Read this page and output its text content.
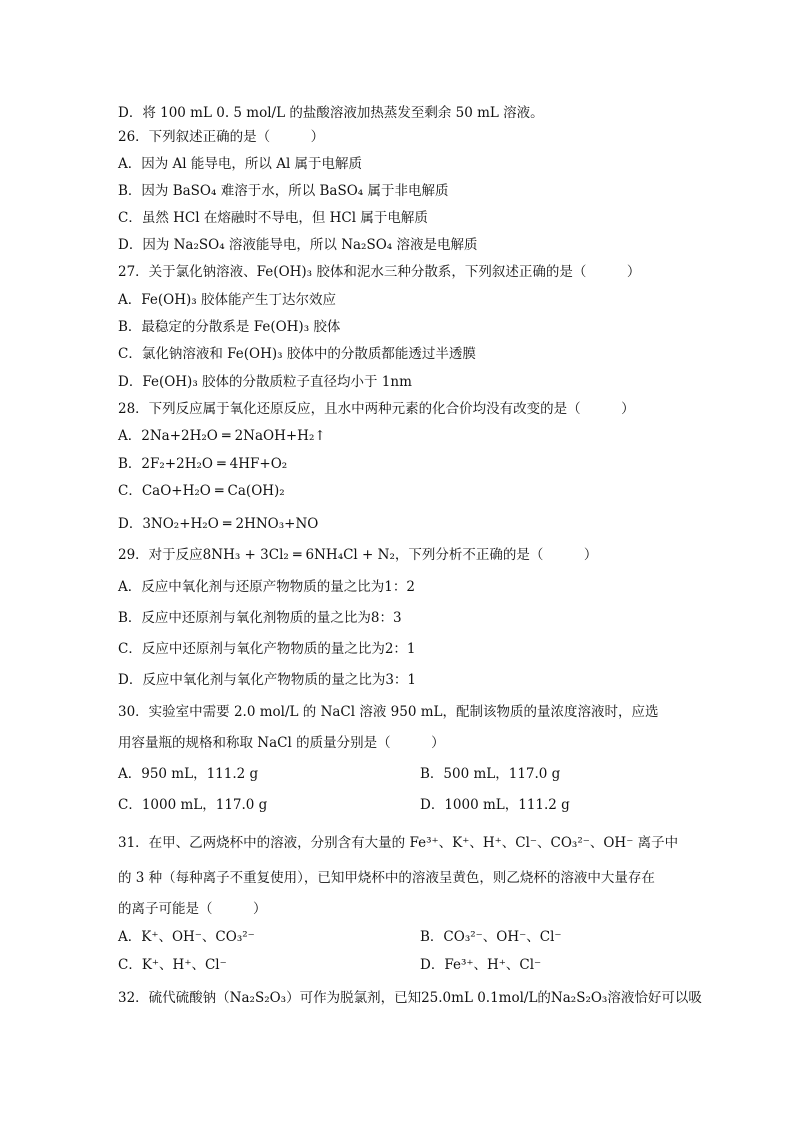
D．将 100 mL 0. 5 mol/L 的盐酸溶液加热蒸发至剩余 50 mL 溶液。
26．下列叙述正确的是（　　　）
A．因为 Al 能导电，所以 Al 属于电解质
B．因为 BaSO₄ 难溶于水，所以 BaSO₄ 属于非电解质
C．虽然 HCl 在熔融时不导电，但 HCl 属于电解质
D．因为 Na₂SO₄ 溶液能导电，所以 Na₂SO₄ 溶液是电解质
27．关于氯化钠溶液、Fe(OH)₃ 胶体和泥水三种分散系，下列叙述正确的是（　　　）
A．Fe(OH)₃ 胶体能产生丁达尔效应
B．最稳定的分散系是 Fe(OH)₃ 胶体
C．氯化钠溶液和 Fe(OH)₃ 胶体中的分散质都能透过半透膜
D．Fe(OH)₃ 胶体的分散质粒子直径均小于 1nm
28．下列反应属于氧化还原反应，且水中两种元素的化合价均没有改变的是（　　　）
A．2Na+2H₂O ═ 2NaOH+H₂↑
B．2F₂+2H₂O ═ 4HF+O₂
C．CaO+H₂O ═ Ca(OH)₂
D．3NO₂+H₂O ═ 2HNO₃+NO
29．对于反应8NH₃ + 3Cl₂ ═ 6NH₄Cl + N₂，下列分析不正确的是（　　　）
A．反应中氧化剂与还原产物物质的量之比为1：2
B．反应中还原剂与氧化剂物质的量之比为8：3
C．反应中还原剂与氧化产物物质的量之比为2：1
D．反应中氧化剂与氧化产物物质的量之比为3：1
30．实验室中需要 2.0 mol/L 的 NaCl 溶液 950 mL，配制该物质的量浓度溶液时，应选
用容量瓶的规格和称取 NaCl 的质量分别是（　　　）
A．950 mL，111.2 g	B．500 mL，117.0 g
C．1000 mL，117.0 g	D．1000 mL，111.2 g
31．在甲、乙两烧杯中的溶液，分别含有大量的 Fe³⁺、K⁺、H⁺、Cl⁻、CO₃²⁻、OH⁻ 离子中
的 3 种（每种离子不重复使用），已知甲烧杯中的溶液呈黄色，则乙烧杯的溶液中大量存在
的离子可能是（　　　）
A．K⁺、OH⁻、CO₃²⁻	B．CO₃²⁻、OH⁻、Cl⁻
C．K⁺、H⁺、Cl⁻	D．Fe³⁺、H⁺、Cl⁻
32．硫代硫酸钠（Na₂S₂O₃）可作为脱氯剂，已知25.0mL 0.1mol/L的Na₂S₂O₃溶液恰好可以吸
